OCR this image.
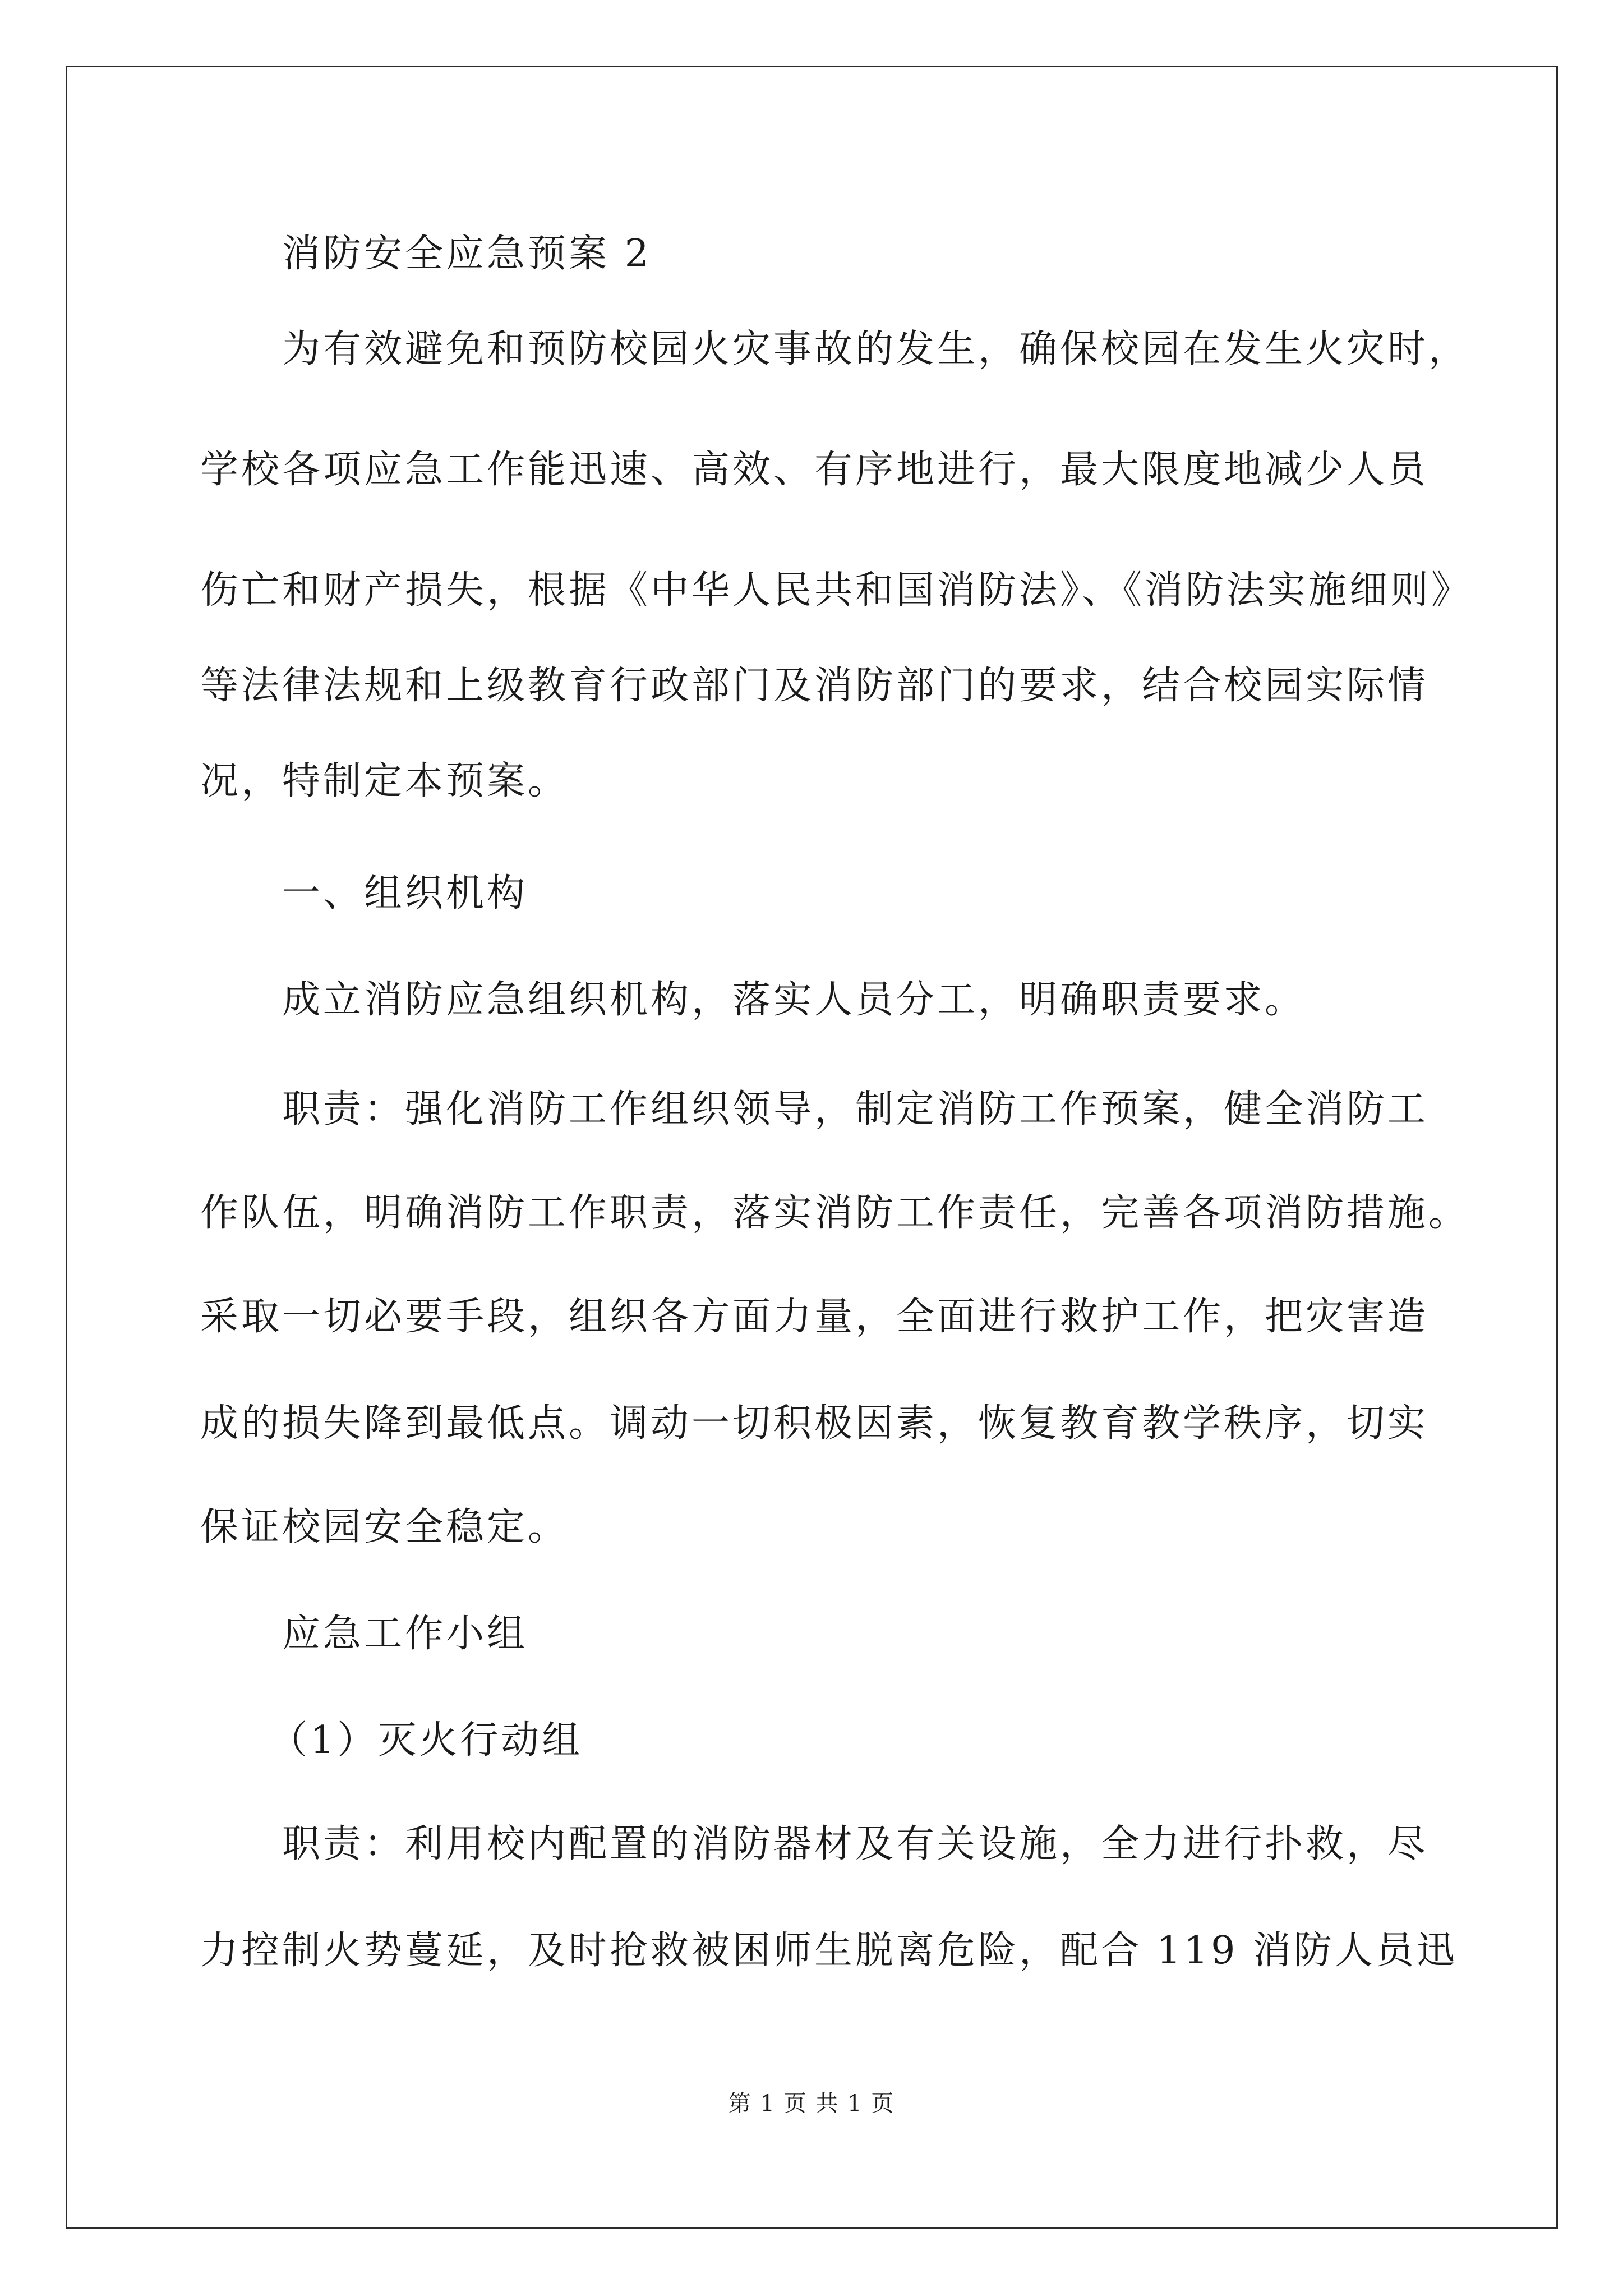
消防安全应急预案 2
为有效避免和预防校园火灾事故的发生，确保校园在发生火灾时，
学校各项应急工作能迅速、高效、有序地进行，最大限度地减少人员
伤亡和财产损失，根据《中华人民共和国消防法》、《消防法实施细则》
等法律法规和上级教育行政部门及消防部门的要求，结合校园实际情
况，特制定本预案。
一、组织机构
成立消防应急组织机构，落实人员分工，明确职责要求。
职责：强化消防工作组织领导，制定消防工作预案，健全消防工
作队伍，明确消防工作职责，落实消防工作责任，完善各项消防措施。
采取一切必要手段，组织各方面力量，全面进行救护工作，把灾害造
成的损失降到最低点。调动一切积极因素，恢复教育教学秩序，切实
保证校园安全稳定。
应急工作小组
（1）灭火行动组
职责：利用校内配置的消防器材及有关设施，全力进行扑救，尽
力控制火势蔓延，及时抢救被困师生脱离危险，配合 119 消防人员迅
第 1 页 共 1 页
